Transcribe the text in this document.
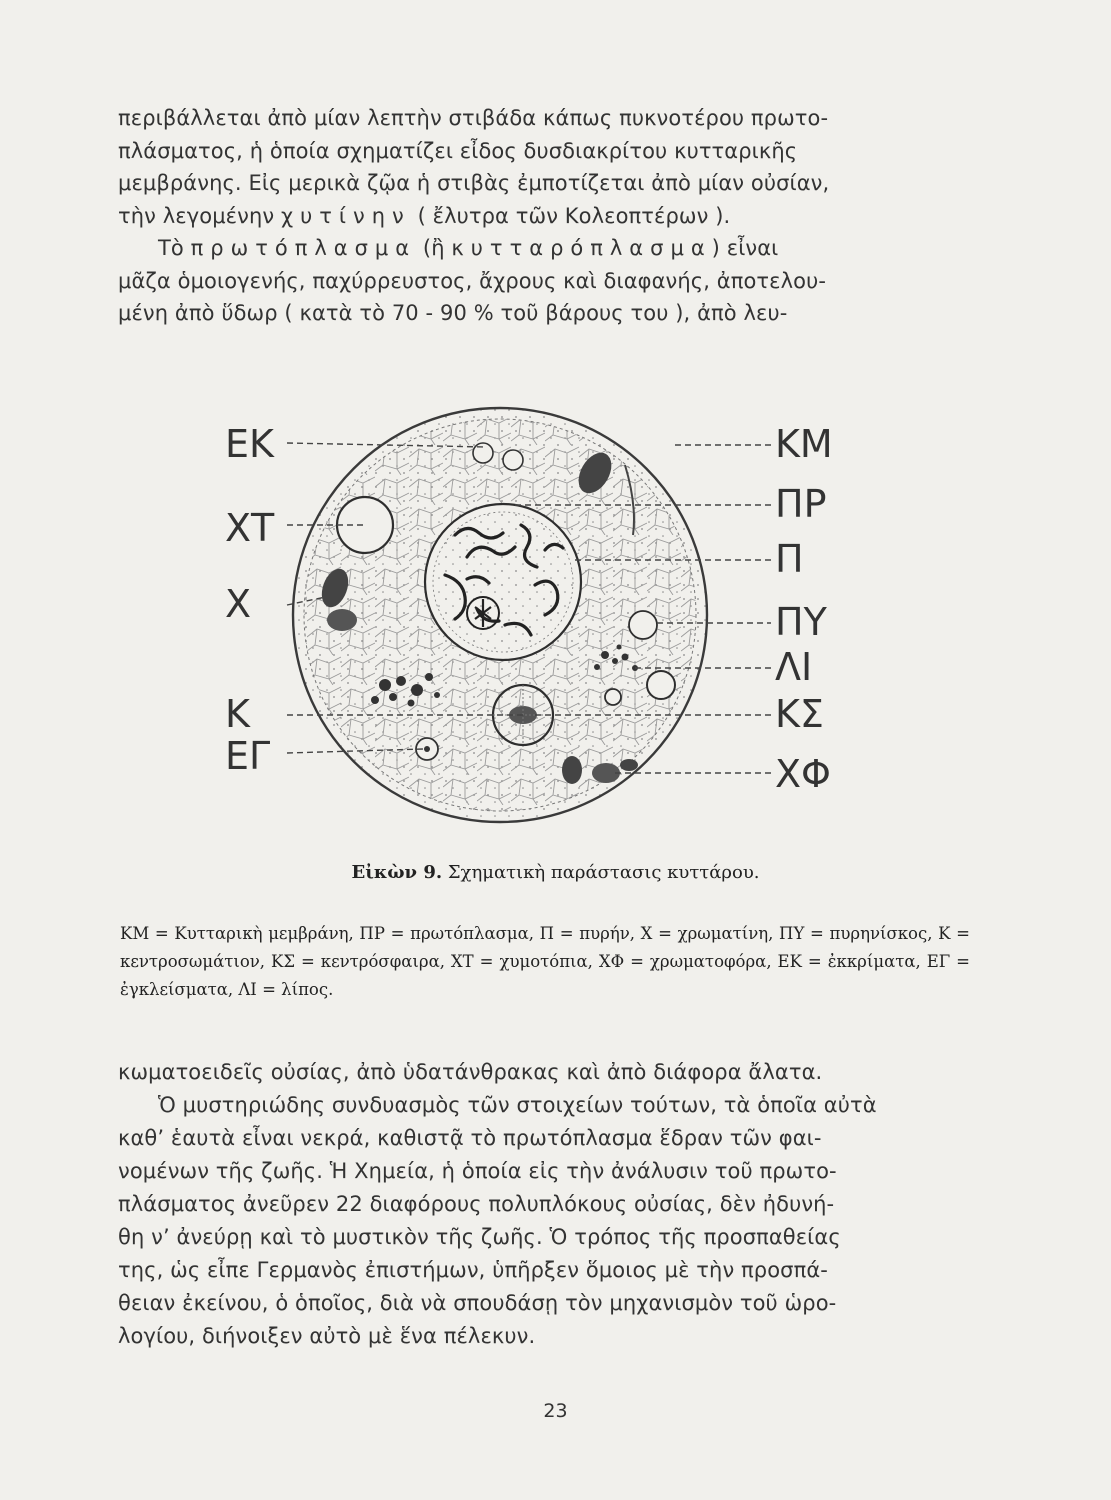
περιβάλλεται ἀπὸ μίαν λεπτὴν στιβάδα κάπως πυκνοτέρου πρωτο-

πλάσματος, ἡ ὁποία σχηματίζει εἶδος δυσδιακρίτου κυτταρικῆς

μεμβράνης. Εἰς μερικὰ ζῷα ἡ στιβὰς ἐμποτίζεται ἀπὸ μίαν οὐσίαν,

τὴν λεγομένην χυτίνην ( ἔλυτρα τῶν Κολεοπτέρων ).

Τὸ πρωτόπλασμα (ἢ κυτταρόπλασμα) εἶναι

μᾶζα ὁμοιογενής, παχύρρευστος, ἄχρους καὶ διαφανής, ἀποτελου-

μένη ἀπὸ ὕδωρ ( κατὰ τὸ 70 - 90 % τοῦ βάρους του ), ἀπὸ λευ-

ΕΚ
ΧΤ
Χ
Κ
ΕΓ
ΚΜ
ΠΡ
Π
ΠΥ
ΛΙ
ΚΣ
ΧΦ
Εἰκὼν 9. Σχηματικὴ παράστασις κυττάρου.

ΚΜ = Κυτταρικὴ μεμβράνη, ΠΡ = πρωτόπλασμα, Π = πυρήν, Χ = χρωματίνη, ΠΥ = πυρηνίσκος, Κ = κεντροσωμάτιον, ΚΣ = κεντρόσφαιρα, ΧΤ = χυμοτόπια, ΧΦ = χρωματοφόρα, ΕΚ = ἐκκρίματα, ΕΓ = ἐγκλείσματα, ΛΙ = λίπος.

κωματοειδεῖς οὐσίας, ἀπὸ ὑδατάνθρακας καὶ ἀπὸ διάφορα ἄλατα.

Ὁ μυστηριώδης συνδυασμὸς τῶν στοιχείων τούτων, τὰ ὁποῖα αὐτὰ

καθ’ ἑαυτὰ εἶναι νεκρά, καθιστᾷ τὸ πρωτόπλασμα ἕδραν τῶν φαι-

νομένων τῆς ζωῆς. Ἡ Χημεία, ἡ ὁποία εἰς τὴν ἀνάλυσιν τοῦ πρωτο-

πλάσματος ἀνεῦρεν 22 διαφόρους πολυπλόκους οὐσίας, δὲν ἠδυνή-

θη ν’ ἀνεύρῃ καὶ τὸ μυστικὸν τῆς ζωῆς. Ὁ τρόπος τῆς προσπαθείας

της, ὡς εἶπε Γερμανὸς ἐπιστήμων, ὑπῆρξεν ὅμοιος μὲ τὴν προσπά-

θειαν ἐκείνου, ὁ ὁποῖος, διὰ νὰ σπουδάσῃ τὸν μηχανισμὸν τοῦ ὡρο-

λογίου, διήνοιξεν αὐτὸ μὲ ἕνα πέλεκυν.

23
